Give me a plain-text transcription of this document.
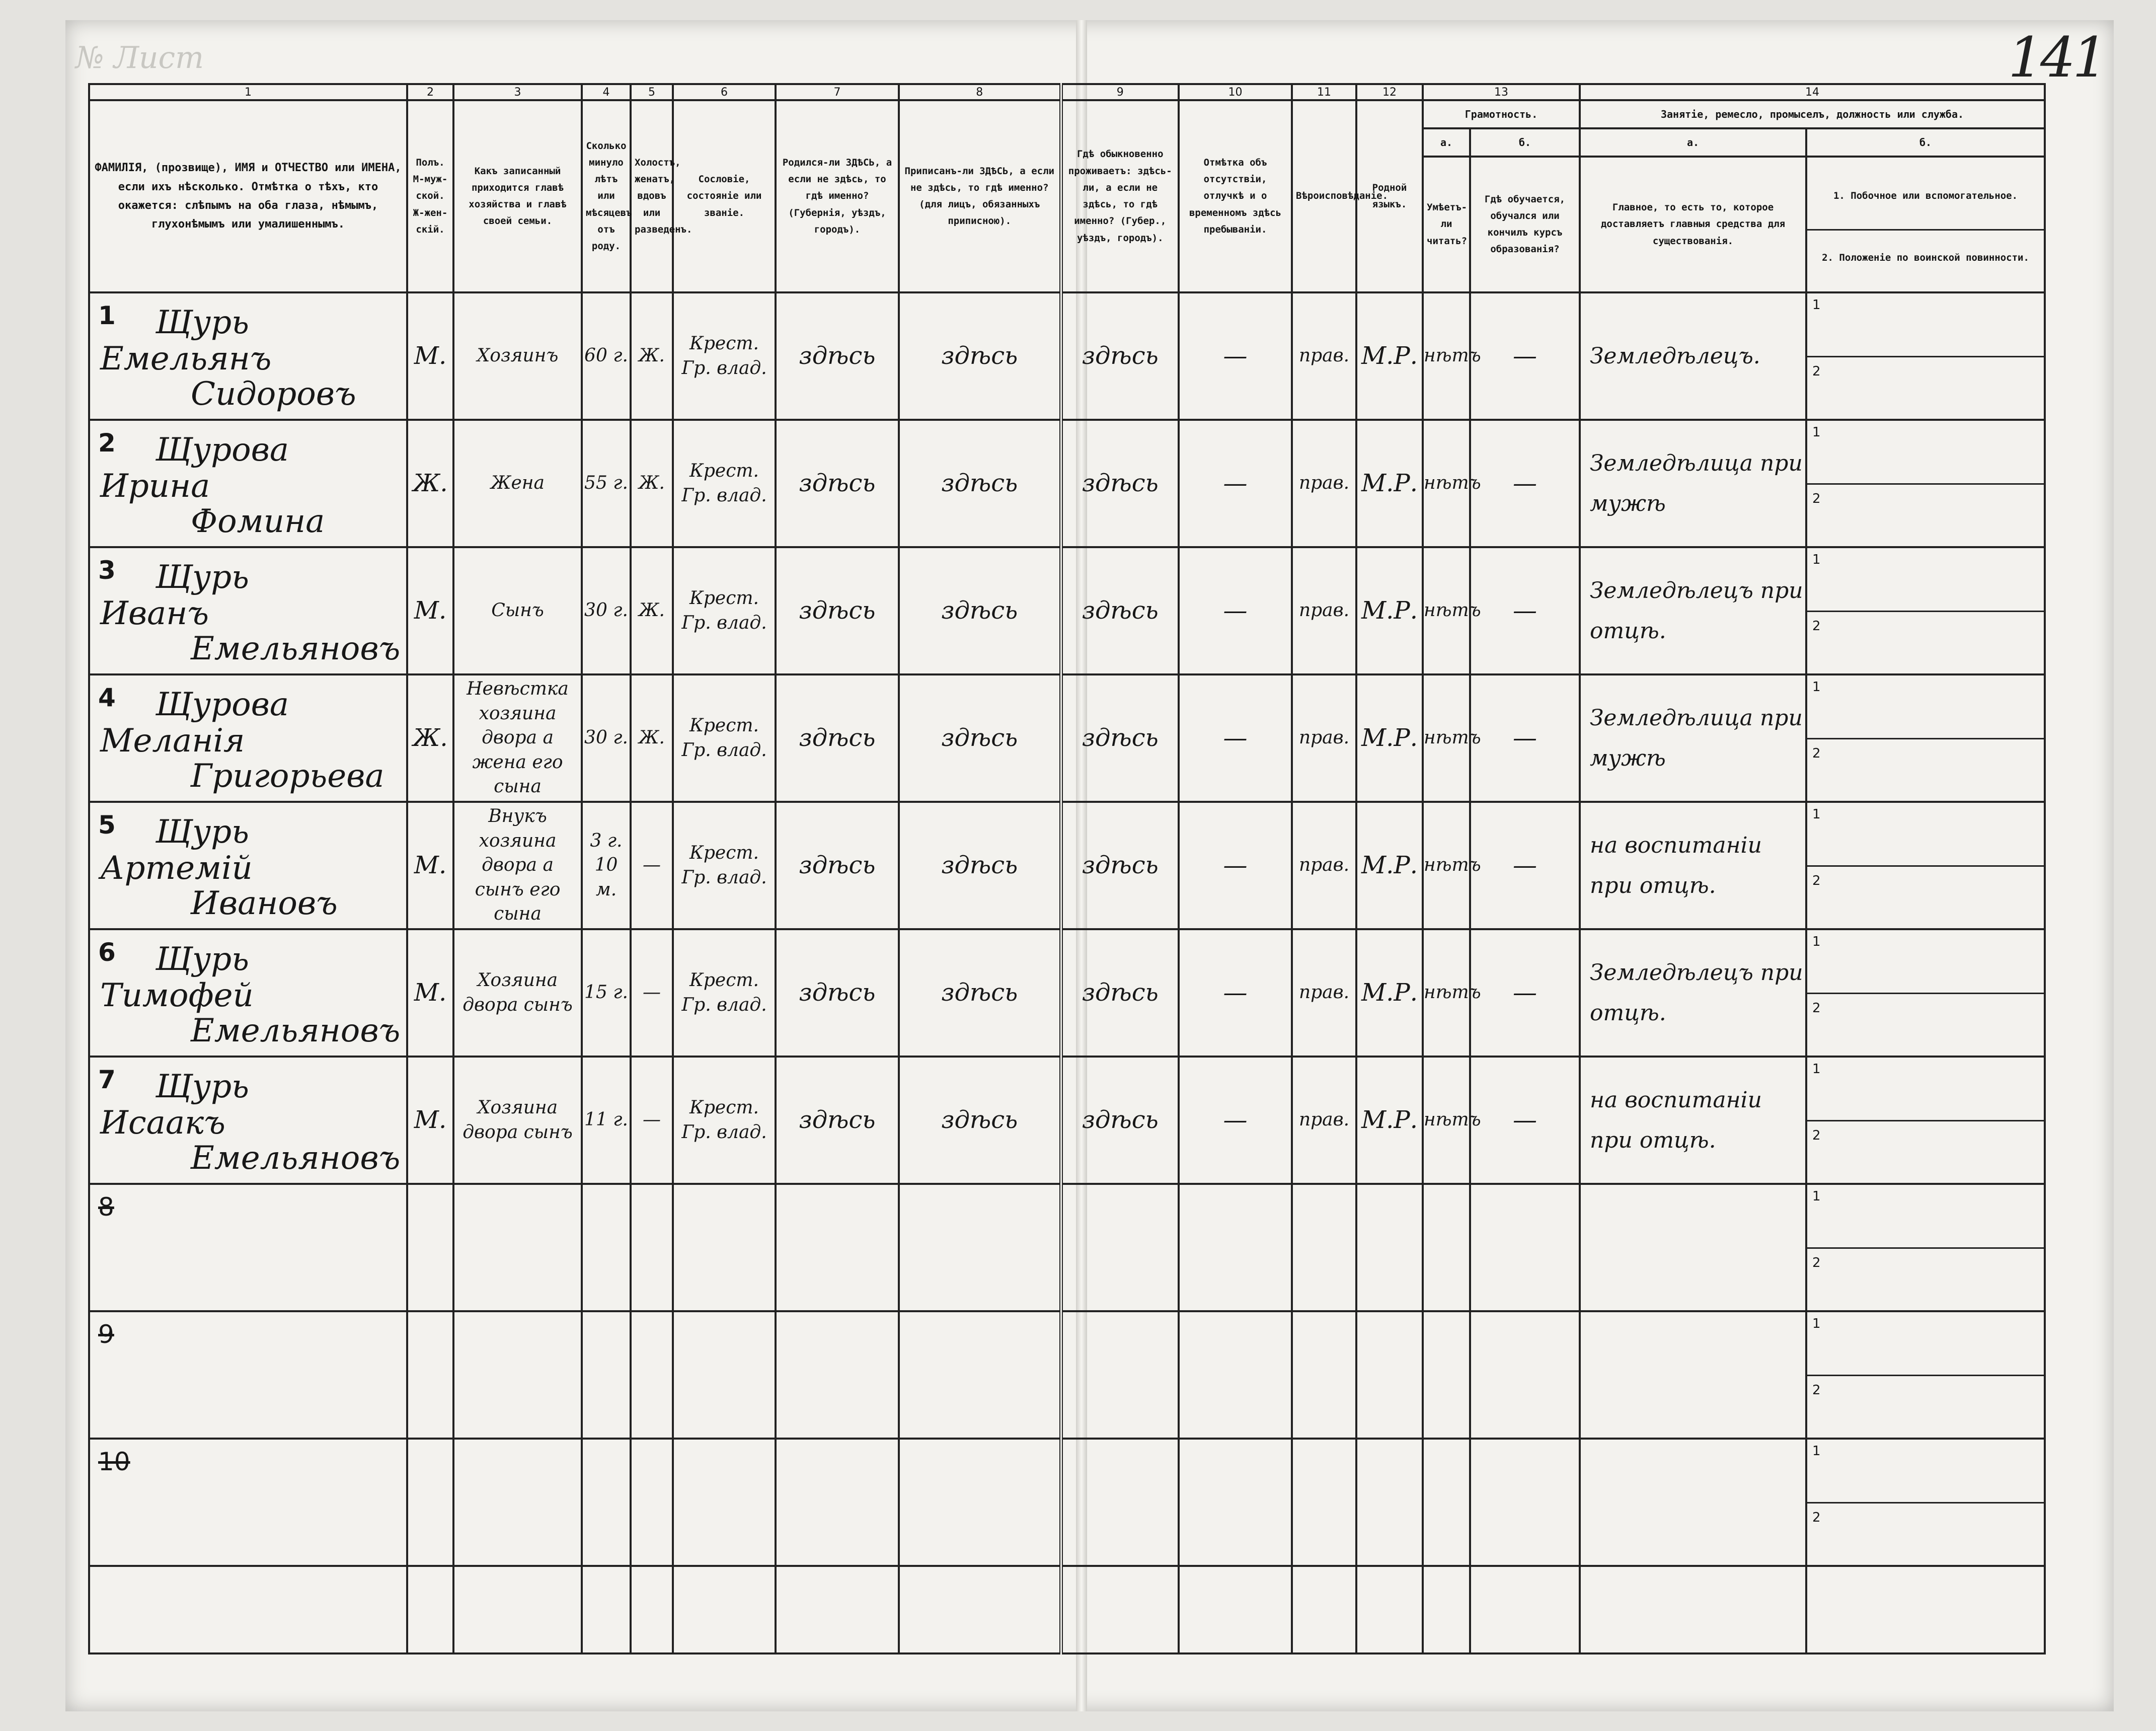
№ Лист	141
1	2	3	4	5	6	7	8	9	10	11	12	13		14	
ФАМИЛІЯ, (прозвище), ИМЯ и ОТЧЕСТВО или ИМЕНА, если ихъ нѣсколько. Отмѣтка о тѣхъ, кто окажется: слѣпымъ на оба глаза, нѣмымъ, глухонѣмымъ или умалишеннымъ.	Полъ. М-муж-ской. Ж-жен-скій.	Какъ записанный приходится главѣ хозяйства и главѣ своей семьи.	Сколько минуло лѣтъ или мѣсяцевъ отъ роду.	Холостъ, женатъ, вдовъ или разведенъ.	Сословіе, состояніе или званіе.	Родился-ли ЗДѢСЬ, а если не здѣсь, то гдѣ именно? (Губернія, уѣздъ, городъ).	Приписанъ-ли ЗДѢСЬ, а если не здѣсь, то гдѣ именно? (для лицъ, обязанныхъ приписною).	Гдѣ обыкновенно проживаетъ: здѣсь-ли, а если не здѣсь, то гдѣ именно? (Губер., уѣздъ, городъ).	Отмѣтка объ отсутствіи, отлучкѣ и о временномъ здѣсь пребываніи.	Вѣроисповѣданіе.	Родной языкъ.	Грамотность.		Занятіе, ремесло, промыселъ, должность или служба.	
												а.	б.	а.	б.
												Умѣетъ-ли читать?	Гдѣ обучается, обучался или кончилъ курсъ образованія?	Главное, то есть то, которое доставляетъ главныя средства для существованія.	1. Побочное или вспомогательное.
2. Положеніе по воинской повинности.

1 Щурь
Емельянъ
Сидоровъ	М.	Хозяинъ	60 г.	Ж.	Крест. Гр. влад.	здѣсь	здѣсь	здѣсь	—	прав.	М.Р.	нѣтъ	—	Земледѣлецъ.	1
2

2 Щурова
Ирина
Фомина	Ж.	Жена	55 г.	Ж.	Крест. Гр. влад.	здѣсь	здѣсь	здѣсь	—	прав.	М.Р.	нѣтъ	—	Земледѣлица при мужѣ	1
2

3 Щурь
Иванъ
Емельяновъ	М.	Сынъ	30 г.	Ж.	Крест. Гр. влад.	здѣсь	здѣсь	здѣсь	—	прав.	М.Р.	нѣтъ	—	Земледѣлецъ при отцѣ.	1
2

4 Щурова
Меланія
Григорьева	Ж.	Невѣстка хозяина двора а жена его сына	30 г.	Ж.	Крест. Гр. влад.	здѣсь	здѣсь	здѣсь	—	прав.	М.Р.	нѣтъ	—	Земледѣлица при мужѣ	1
2

5 Щурь
Артемій
Ивановъ	М.	Внукъ хозяина двора а сынъ его сына	3 г. 10 м.	—	Крест. Гр. влад.	здѣсь	здѣсь	здѣсь	—	прав.	М.Р.	нѣтъ	—	на воспитаніи при отцѣ.	1
2

6 Щурь
Тимофей
Емельяновъ	М.	Хозяина двора сынъ	15 г.	—	Крест. Гр. влад.	здѣсь	здѣсь	здѣсь	—	прав.	М.Р.	нѣтъ	—	Земледѣлецъ при отцѣ.	1
2

7 Щурь
Исаакъ
Емельяновъ	М.	Хозяина двора сынъ	11 г.	—	Крест. Гр. влад.	здѣсь	здѣсь	здѣсь	—	прав.	М.Р.	нѣтъ	—	на воспитаніи при отцѣ.	1
2

8															1
2

9															1
2

10															1
2
